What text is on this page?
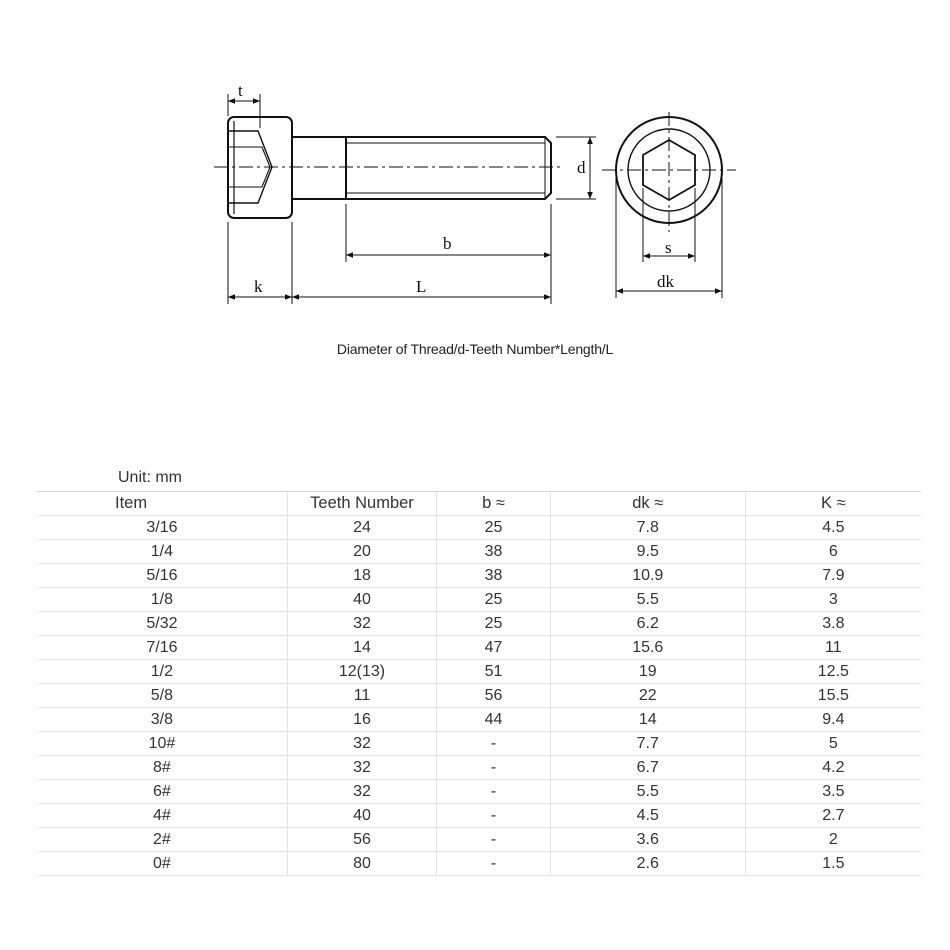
t
d
b
k	L
s
dk
Diameter of Thread/d-Teeth Number*Length/L
Unit: mm
Item	Teeth Number	b ≈	dk ≈	K ≈
3/16	24	25	7.8	4.5
1/4	20	38	9.5	6
5/16	18	38	10.9	7.9
1/8	40	25	5.5	3
5/32	32	25	6.2	3.8
7/16	14	47	15.6	11
1/2	12(13)	51	19	12.5
5/8	11	56	22	15.5
3/8	16	44	14	9.4
10#	32	-	7.7	5
8#	32	-	6.7	4.2
6#	32	-	5.5	3.5
4#	40	-	4.5	2.7
2#	56	-	3.6	2
0#	80	-	2.6	1.5
